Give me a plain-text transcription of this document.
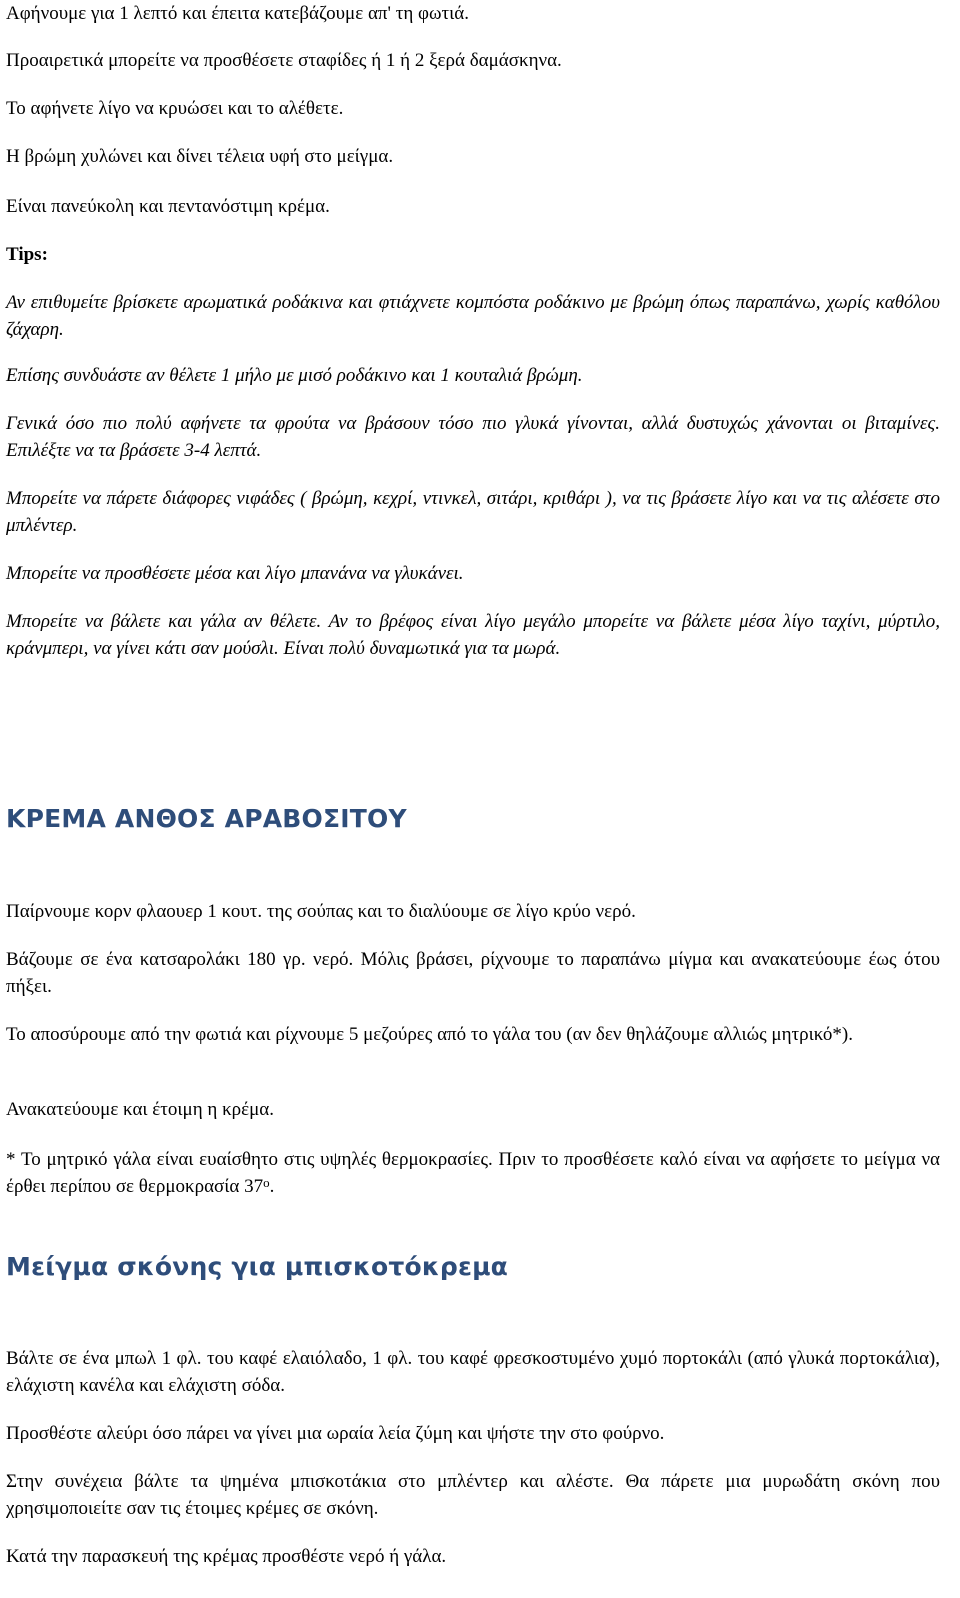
Αφήνουμε για 1 λεπτό και έπειτα κατεβάζουμε απ' τη φωτιά.

Προαιρετικά μπορείτε να προσθέσετε σταφίδες ή 1 ή 2 ξερά δαμάσκηνα.

Το αφήνετε λίγο να κρυώσει και το αλέθετε.

Η βρώμη χυλώνει και δίνει τέλεια υφή στο μείγμα.

Είναι πανεύκολη και πεντανόστιμη κρέμα.

Tips:

Αν επιθυμείτε βρίσκετε αρωματικά ροδάκινα και φτιάχνετε κομπόστα ροδάκινο με βρώμη όπως παραπάνω, χωρίς καθόλου ζάχαρη.

Επίσης συνδυάστε αν θέλετε 1 μήλο με μισό ροδάκινο και 1 κουταλιά βρώμη.

Γενικά όσο πιο πολύ αφήνετε τα φρούτα να βράσουν τόσο πιο γλυκά γίνονται, αλλά δυστυχώς χάνονται οι βιταμίνες. Επιλέξτε να τα βράσετε 3-4 λεπτά.

Μπορείτε να πάρετε διάφορες νιφάδες ( βρώμη, κεχρί, ντινκελ, σιτάρι, κριθάρι ), να τις βράσετε λίγο και να τις αλέσετε στο μπλέντερ.

Μπορείτε να προσθέσετε μέσα και λίγο μπανάνα να γλυκάνει.

Μπορείτε να βάλετε και γάλα αν θέλετε. Αν το βρέφος είναι λίγο μεγάλο μπορείτε να βάλετε μέσα λίγο ταχίνι, μύρτιλο, κράνμπερι, να γίνει κάτι σαν μούσλι. Είναι πολύ δυναμωτικά για τα μωρά.

ΚΡΕΜΑ ΑΝΘΟΣ ΑΡΑΒΟΣΙΤΟΥ

Παίρνουμε κορν φλαουερ 1 κουτ. της σούπας και το διαλύουμε σε λίγο κρύο νερό.

Βάζουμε σε ένα κατσαρολάκι 180 γρ. νερό. Μόλις βράσει, ρίχνουμε το παραπάνω μίγμα και ανακατεύουμε έως ότου πήξει.

Το αποσύρουμε από την φωτιά και ρίχνουμε 5 μεζούρες από το γάλα του (αν δεν θηλάζουμε αλλιώς μητρικό*).

Ανακατεύουμε και έτοιμη η κρέμα.

* Το μητρικό γάλα είναι ευαίσθητο στις υψηλές θερμοκρασίες. Πριν το προσθέσετε καλό είναι να αφήσετε το μείγμα να έρθει περίπου σε θερμοκρασία $37^o$.

Μείγμα σκόνης για μπισκοτόκρεμα

Βάλτε σε ένα μπωλ 1 φλ. του καφέ ελαιόλαδο, 1 φλ. του καφέ φρεσκοστυμένο χυμό πορτοκάλι (από γλυκά πορτοκάλια), ελάχιστη κανέλα και ελάχιστη σόδα.

Προσθέστε αλεύρι όσο πάρει να γίνει μια ωραία λεία ζύμη και ψήστε την στο φούρνο.

Στην συνέχεια βάλτε τα ψημένα μπισκοτάκια στο μπλέντερ και αλέστε. Θα πάρετε μια μυρωδάτη σκόνη που χρησιμοποιείτε σαν τις έτοιμες κρέμες σε σκόνη.

Κατά την παρασκευή της κρέμας προσθέστε νερό ή γάλα.
